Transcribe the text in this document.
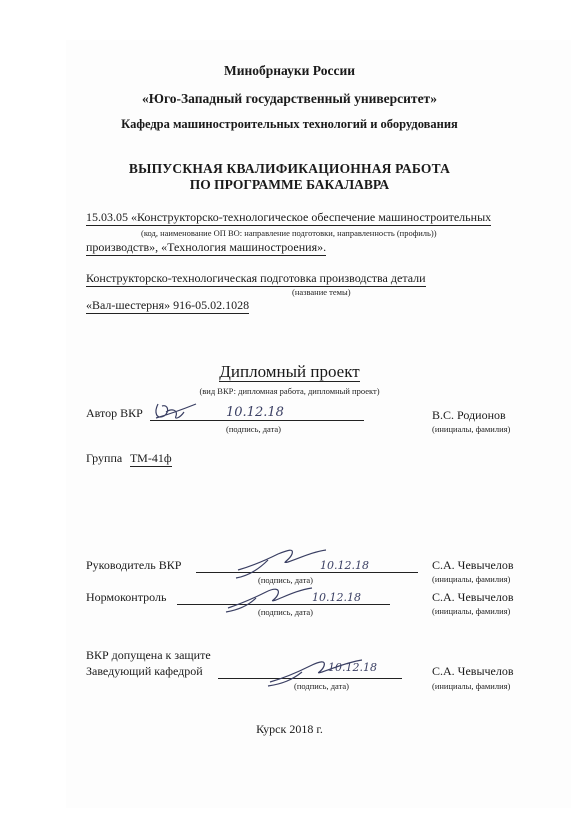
Минобрнауки России
«Юго-Западный государственный университет»
Кафедра машиностроительных технологий и оборудования
ВЫПУСКНАЯ КВАЛИФИКАЦИОННАЯ РАБОТА
ПО ПРОГРАММЕ БАКАЛАВРА
15.03.05 «Конструкторско-технологическое обеспечение машиностроительных
(код, наименование ОП ВО: направление подготовки, направленность (профиль))
производств», «Технология машиностроения».
Конструкторско-технологическая подготовка производства детали
(название темы)
«Вал-шестерня» 916-05.02.1028
Дипломный проект
(вид ВКР: дипломная работа, дипломный проект)
Автор ВКР	10.12.18
(подпись, дата)
В.С. Родионов
(инициалы, фамилия)
Группа ТМ-41ф
Руководитель ВКР	10.12.18
(подпись, дата)
С.А. Чевычелов
(инициалы, фамилия)
Нормоконтроль	10.12.18
(подпись, дата)
С.А. Чевычелов
(инициалы, фамилия)
ВКР допущена к защите
Заведующий кафедрой	10.12.18
(подпись, дата)
С.А. Чевычелов
(инициалы, фамилия)
Курск 2018 г.
